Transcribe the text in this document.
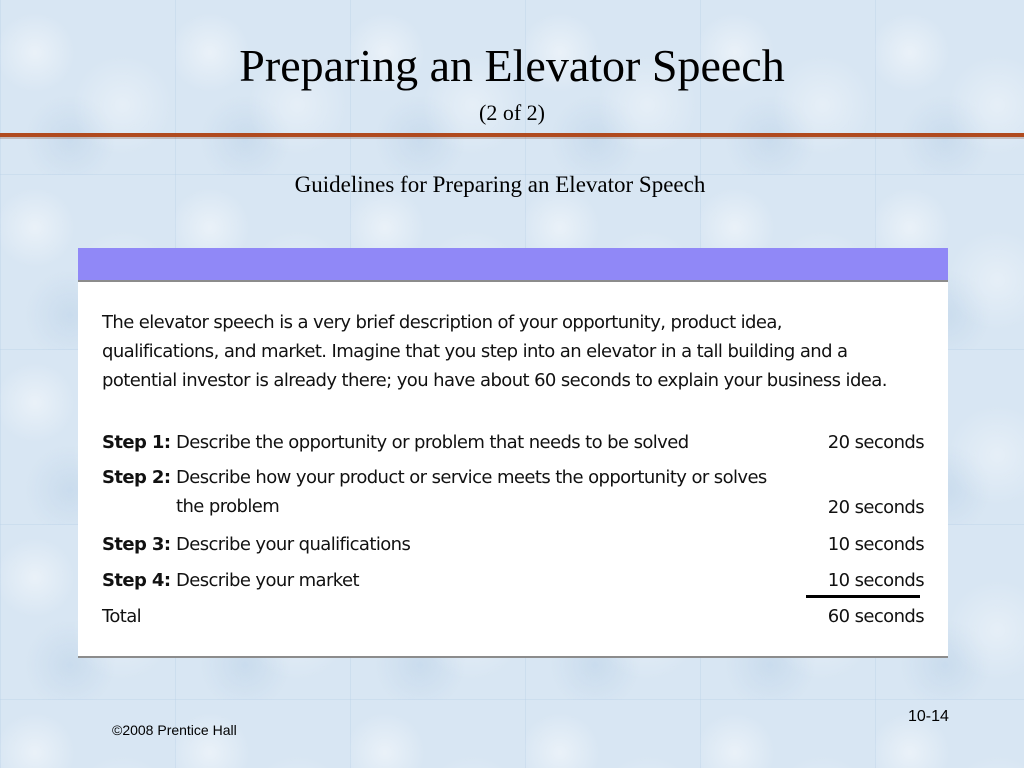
Preparing an Elevator Speech
(2 of 2)
Guidelines for Preparing an Elevator Speech
The elevator speech is a very brief description of your opportunity, product idea, qualifications, and market. Imagine that you step into an elevator in a tall building and a potential investor is already there; you have about 60 seconds to explain your business idea.
Step 1: Describe the opportunity or problem that needs to be solved	20 seconds
Step 2: Describe how your product or service meets the opportunity or solves the problem	20 seconds
Step 3: Describe your qualifications	10 seconds
Step 4: Describe your market	10 seconds
Total	60 seconds
©2008 Prentice Hall
10-14
